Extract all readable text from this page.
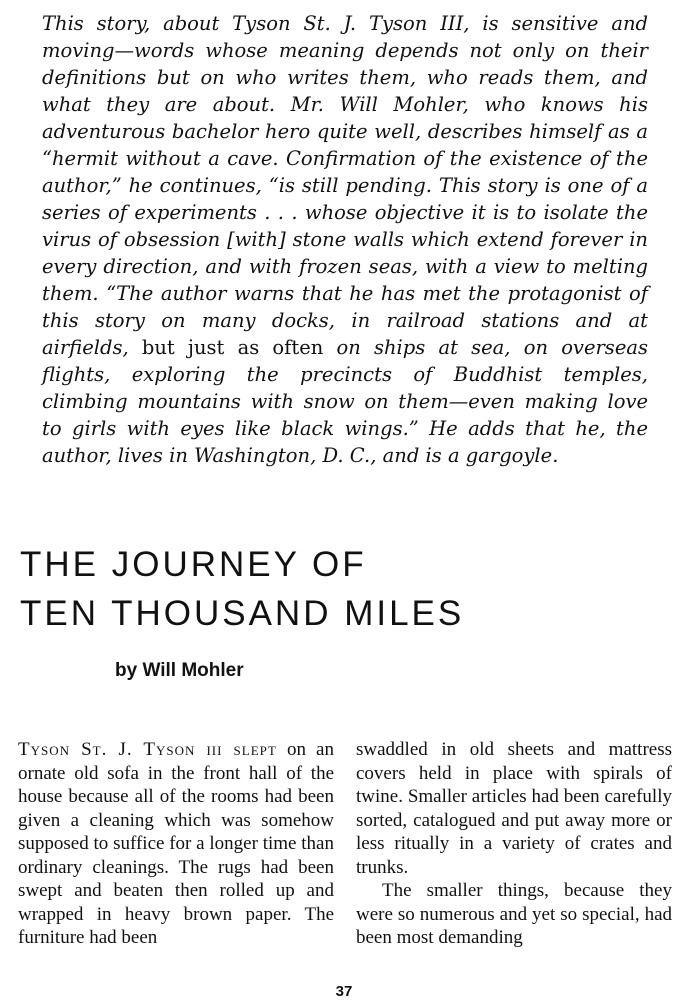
This story, about Tyson St. J. Tyson III, is sensitive and moving—words whose meaning depends not only on their definitions but on who writes them, who reads them, and what they are about. Mr. Will Mohler, who knows his adventurous bachelor hero quite well, describes himself as a “hermit without a cave. Confirmation of the existence of the author,” he continues, “is still pending. This story is one of a series of experiments . . . whose objective it is to isolate the virus of obsession [with] stone walls which extend forever in every direction, and with frozen seas, with a view to melting them. “The author warns that he has met the protagonist of this story on many docks, in railroad stations and at airfields, but just as often on ships at sea, on overseas flights, exploring the precincts of Buddhist temples, climbing mountains with snow on them—even making love to girls with eyes like black wings.” He adds that he, the author, lives in Washington, D. C., and is a gargoyle.
THE JOURNEY OF
TEN THOUSAND MILES
by Will Mohler

Tyson St. J. Tyson iii slept on an ornate old sofa in the front hall of the house because all of the rooms had been given a cleaning which was somehow supposed to suffice for a longer time than ordinary cleanings. The rugs had been swept and beaten then rolled up and wrapped in heavy brown paper. The furniture had been

swaddled in old sheets and mattress covers held in place with spirals of twine. Smaller articles had been carefully sorted, catalogued and put away more or less ritually in a variety of crates and trunks.

The smaller things, because they were so numerous and yet so special, had been most demanding

37
